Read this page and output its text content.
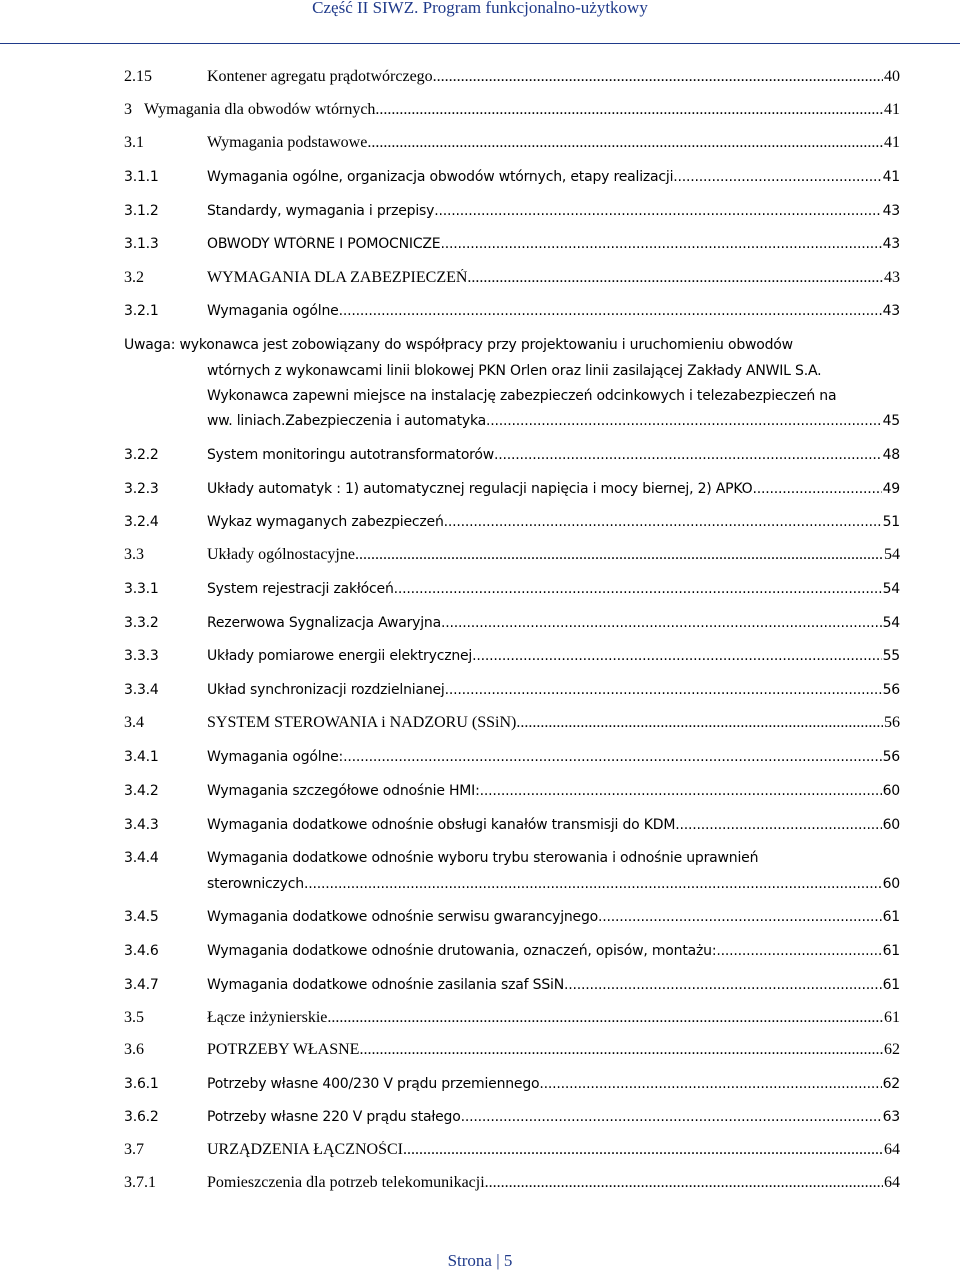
Część II SIWZ. Program funkcjonalno-użytkowy
2.15	Kontener agregatu prądotwórczego. .....	40
3 Wymagania dla obwodów wtórnych .....	41
3.1	Wymagania podstawowe .....	41
3.1.1	Wymagania ogólne, organizacja obwodów wtórnych, etapy realizacji. .....	41
3.1.2	Standardy, wymagania i przepisy .....	43
3.1.3	OBWODY WTÓRNE I POMOCNICZE .....	43
3.2	WYMAGANIA DLA ZABEZPIECZEŃ .....	43
3.2.1	Wymagania ogólne .....	43
Uwaga: wykonawca jest zobowiązany do współpracy przy projektowaniu i uruchomieniu obwodów
wtórnych z wykonawcami linii blokowej PKN Orlen oraz linii zasilającej Zakłady ANWIL S.A.
Wykonawca zapewni miejsce na instalację zabezpieczeń odcinkowych i telezabezpieczeń na
ww. liniach.Zabezpieczenia i automatyka .....	45
3.2.2	System monitoringu autotransformatorów .....	48
3.2.3	Układy automatyk : 1) automatycznej regulacji napięcia i mocy biernej, 2) APKO .....	49
3.2.4	Wykaz wymaganych zabezpieczeń. .....	51
3.3	Układy ogólnostacyjne. .....	54
3.3.1	System rejestracji zakłóceń. .....	54
3.3.2	Rezerwowa Sygnalizacja Awaryjna .....	54
3.3.3	Układy pomiarowe energii elektrycznej .....	55
3.3.4	Układ synchronizacji rozdzielnianej .....	56
3.4	SYSTEM STEROWANIA i NADZORU (SSiN) .....	56
3.4.1	Wymagania ogólne: .....	56
3.4.2	Wymagania szczegółowe odnośnie HMI: .....	60
3.4.3	Wymagania dodatkowe odnośnie obsługi kanałów transmisji do KDM .....	60
3.4.4	Wymagania dodatkowe odnośnie wyboru trybu sterowania i odnośnie uprawnień
sterowniczych .....	60
3.4.5	Wymagania dodatkowe odnośnie serwisu gwarancyjnego .....	61
3.4.6	Wymagania dodatkowe odnośnie drutowania, oznaczeń, opisów, montażu: .....	61
3.4.7	Wymagania dodatkowe odnośnie zasilania szaf SSiN .....	61
3.5	Łącze inżynierskie .....	61
3.6	POTRZEBY WŁASNE .....	62
3.6.1	Potrzeby własne 400/230 V prądu przemiennego .....	62
3.6.2	Potrzeby własne 220 V prądu stałego .....	63
3.7	URZĄDZENIA ŁĄCZNOŚCI .....	64
3.7.1	Pomieszczenia dla potrzeb telekomunikacji .....	64
Strona | 5
